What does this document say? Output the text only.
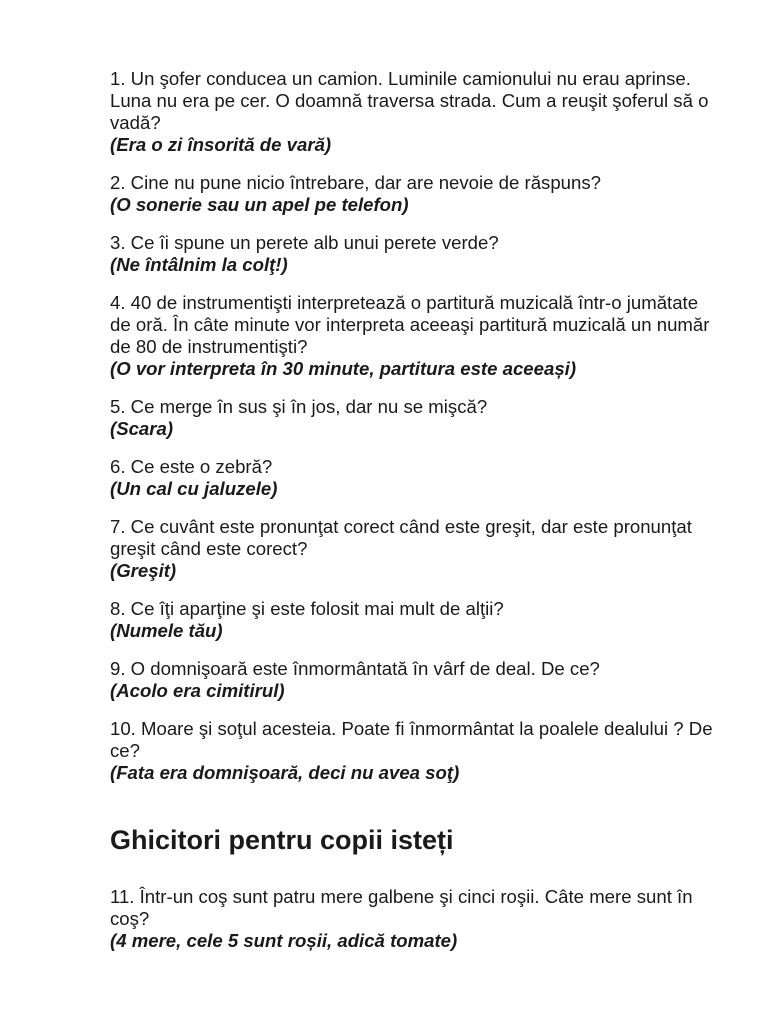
1. Un şofer conducea un camion. Luminile camionului nu erau aprinse. Luna nu era pe cer. O doamnă traversa strada. Cum a reuşit şoferul să o vadă?
(Era o zi însorită de vară)
2. Cine nu pune nicio întrebare, dar are nevoie de răspuns?
(O sonerie sau un apel pe telefon)
3. Ce îi spune un perete alb unui perete verde?
(Ne întâlnim la colţ!)
4. 40 de instrumentişti interpretează o partitură muzicală într-o jumătate de oră. În câte minute vor interpreta aceeaşi partitură muzicală un număr de 80 de instrumentişti?
(O vor interpreta în 30 minute, partitura este aceeași)
5. Ce merge în sus şi în jos, dar nu se mişcă?
(Scara)
6. Ce este o zebră?
(Un cal cu jaluzele)
7. Ce cuvânt este pronunţat corect când este greşit, dar este pronunţat greşit când este corect?
(Greşit)
8. Ce îţi aparţine şi este folosit mai mult de alţii?
(Numele tău)
9. O domnişoară este înmormântată în vârf de deal. De ce?
(Acolo era cimitirul)
10. Moare şi soţul acesteia. Poate fi înmormântat la poalele dealului ? De ce?
(Fata era domnişoară, deci nu avea soţ)
Ghicitori pentru copii isteți
11. Într-un coş sunt patru mere galbene şi cinci roşii. Câte mere sunt în coş?
(4 mere, cele 5 sunt roșii, adică tomate)
